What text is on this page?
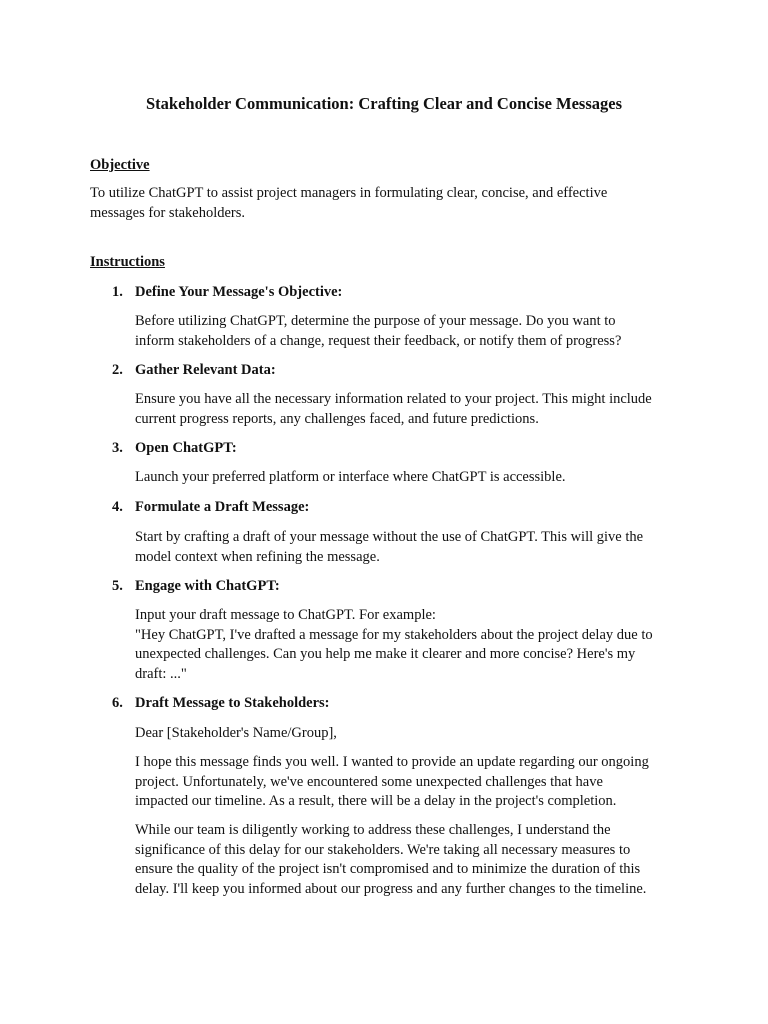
Stakeholder Communication: Crafting Clear and Concise Messages
Objective

To utilize ChatGPT to assist project managers in formulating clear, concise, and effective
messages for stakeholders.

Instructions
1. Define Your Message's Objective:

Before utilizing ChatGPT, determine the purpose of your message. Do you want to
inform stakeholders of a change, request their feedback, or notify them of progress?

2. Gather Relevant Data:

Ensure you have all the necessary information related to your project. This might include
current progress reports, any challenges faced, and future predictions.

3. Open ChatGPT:

Launch your preferred platform or interface where ChatGPT is accessible.

4. Formulate a Draft Message:

Start by crafting a draft of your message without the use of ChatGPT. This will give the
model context when refining the message.

5. Engage with ChatGPT:

Input your draft message to ChatGPT. For example:
"Hey ChatGPT, I've drafted a message for my stakeholders about the project delay due to
unexpected challenges. Can you help me make it clearer and more concise? Here's my
draft: ..."

6. Draft Message to Stakeholders:

Dear [Stakeholder's Name/Group],

I hope this message finds you well. I wanted to provide an update regarding our ongoing
project. Unfortunately, we've encountered some unexpected challenges that have
impacted our timeline. As a result, there will be a delay in the project's completion.

While our team is diligently working to address these challenges, I understand the
significance of this delay for our stakeholders. We're taking all necessary measures to
ensure the quality of the project isn't compromised and to minimize the duration of this
delay. I'll keep you informed about our progress and any further changes to the timeline.
